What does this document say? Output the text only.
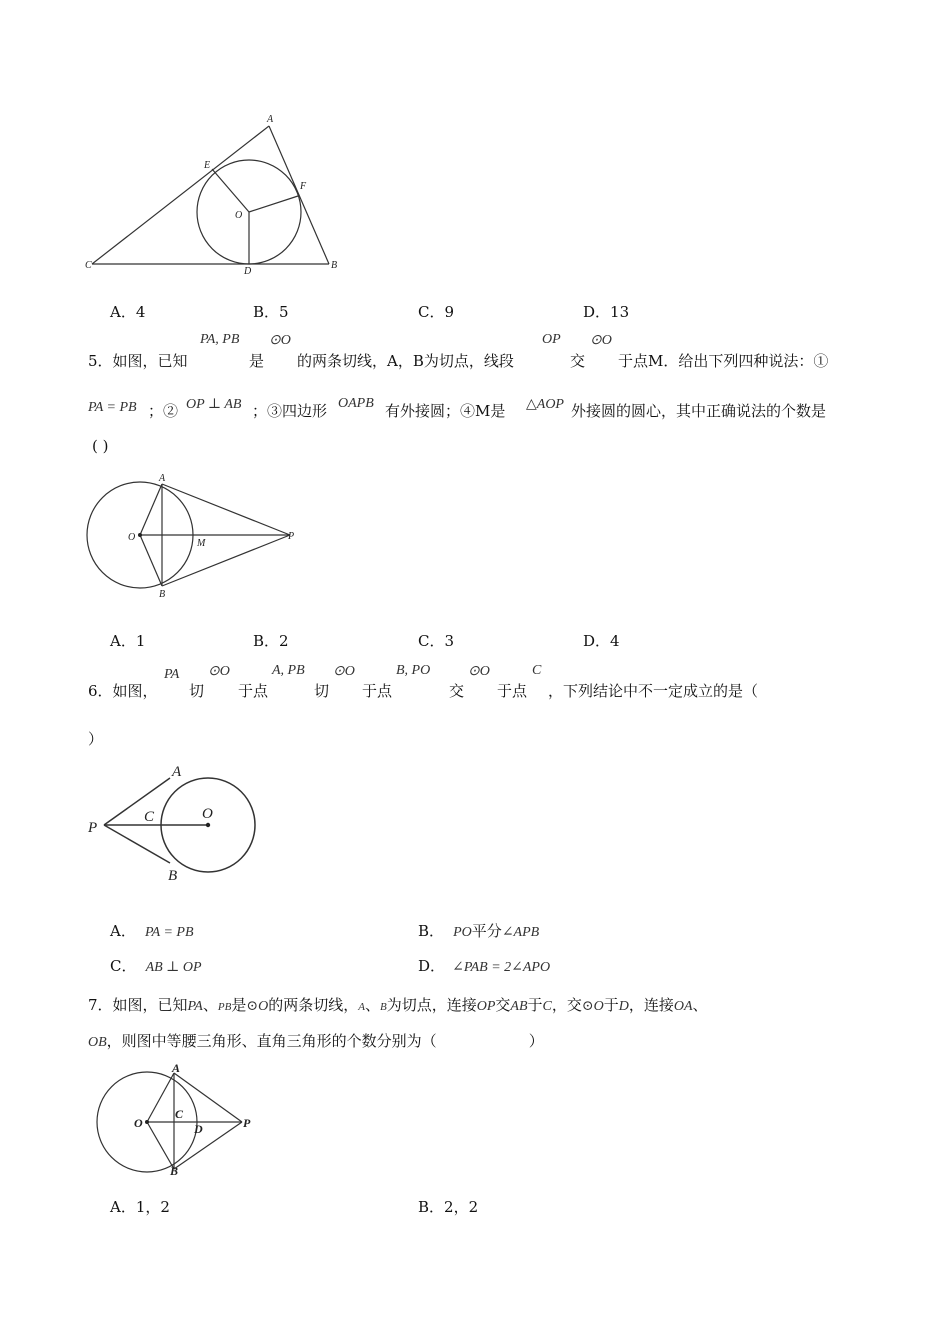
A
E
F
O
C
D
B
A．4	B．5	C．9	D．13
5．如图，已知
PA, PB
是
⊙O
的两条切线，A，B为切点，线段
OP
交
⊙O
于点M．给出下列四种说法：①
PA = PB ；② OP ⊥ AB ；③四边形 OAPB 有外接圆；④M是 △AOP 外接圆的圆心，其中正确说法的个数是
( )
A
O
M
P
B
A．1	B．2	C．3	D．4
6．如图，
PA
切
⊙O
于点
A, PB
切
⊙O
于点
B, PO
交
⊙O
于点
C
，下列结论中不一定成立的是（
）
A
C	O
P
B
A． PA = PB	B． PO平分∠APB
C． AB ⊥ OP	D． ∠PAB = 2∠APO
7．如图，已知PA、PB是⊙O的两条切线，A、B为切点，连接OP交AB于C，交⊙O于D，连接OA、
OB，则图中等腰三角形、直角三角形的个数分别为（	）
A
O
C
D	P
B
A．1，2	B．2，2
